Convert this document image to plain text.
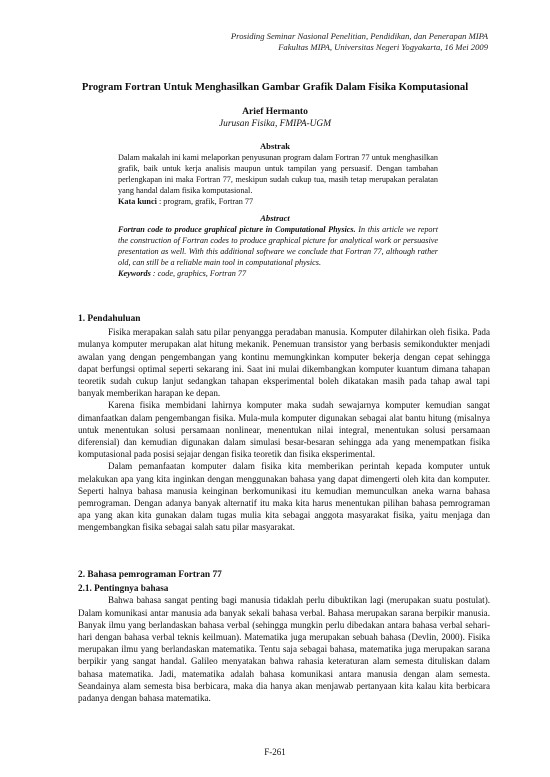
Prosiding Seminar Nasional Penelitian, Pendidikan, dan Penerapan MIPA
Fakultas MIPA, Universitas Negeri Yogyakarta, 16 Mei 2009
Program Fortran Untuk Menghasilkan Gambar Grafik Dalam Fisika Komputasional
Arief Hermanto
Jurusan Fisika, FMIPA-UGM
Abstrak
Dalam makalah ini kami melaporkan penyusunan program dalam Fortran 77 untuk menghasilkan grafik, baik untuk kerja analisis maupun untuk tampilan yang persuasif. Dengan tambahan perlengkapan ini maka Fortran 77, meskipun sudah cukup tua, masih tetap merupakan peralatan yang handal dalam fisika komputasional.
Kata kunci : program, grafik, Fortran 77
Abstract
Fortran code to produce graphical picture in Computational Physics. In this article we report the construction of Fortran codes to produce graphical picture for analytical work or persuasive presentation as well. With this additional software we conclude that Fortran 77, although rather old, can still be a reliable main tool in computational physics.
Keywords : code, graphics, Fortran 77
1. Pendahuluan

Fisika merapakan salah satu pilar penyangga peradaban manusia. Komputer dilahirkan oleh fisika. Pada mulanya komputer merupakan alat hitung mekanik. Penemuan transistor yang berbasis semikondukter menjadi awalan yang dengan pengembangan yang kontinu memungkinkan komputer bekerja dengan cepat sehingga dapat berfungsi optimal seperti sekarang ini. Saat ini mulai dikembangkan komputer kuantum dimana tahapan teoretik sudah cukup lanjut sedangkan tahapan eksperimental boleh dikatakan masih pada tahap awal tapi banyak memberikan harapan ke depan.

Karena fisika membidani lahirnya komputer maka sudah sewajarnya komputer kemudian sangat dimanfaatkan dalam pengembangan fisika. Mula-mula komputer digunakan sebagai alat bantu hitung (misalnya untuk menentukan solusi persamaan nonlinear, menentukan nilai integral, menentukan solusi persamaan diferensial) dan kemudian digunakan dalam simulasi besar-besaran sehingga ada yang menempatkan fisika komputasional pada posisi sejajar dengan fisika teoretik dan fisika eksperimental.

Dalam pemanfaatan komputer dalam fisika kita memberikan perintah kepada komputer untuk melakukan apa yang kita inginkan dengan menggunakan bahasa yang dapat dimengerti oleh kita dan komputer. Seperti halnya bahasa manusia keinginan berkomunikasi itu kemudian memunculkan aneka warna bahasa pemrograman. Dengan adanya banyak alternatif itu maka kita harus menentukan pilihan bahasa pemrograman apa yang akan kita gunakan dalam tugas mulia kita sebagai anggota masyarakat fisika, yaitu menjaga dan mengembangkan fisika sebagai salah satu pilar masyarakat.

2. Bahasa pemrograman Fortran 77
2.1. Pentingnya bahasa

Bahwa bahasa sangat penting bagi manusia tidaklah perlu dibuktikan lagi (merupakan suatu postulat). Dalam komunikasi antar manusia ada banyak sekali bahasa verbal. Bahasa merupakan sarana berpikir manusia. Banyak ilmu yang berlandaskan bahasa verbal (sehingga mungkin perlu dibedakan antara bahasa verbal sehari-hari dengan bahasa verbal teknis keilmuan). Matematika juga merupakan sebuah bahasa (Devlin, 2000). Fisika merupakan ilmu yang berlandaskan matematika. Tentu saja sebagai bahasa, matematika juga merupakan sarana berpikir yang sangat handal. Galileo menyatakan bahwa rahasia keteraturan alam semesta dituliskan dalam bahasa matematika. Jadi, matematika adalah bahasa komunikasi antara manusia dengan alam semesta. Seandainya alam semesta bisa berbicara, maka dia hanya akan menjawab pertanyaan kita kalau kita berbicara padanya dengan bahasa matematika.

F-261
